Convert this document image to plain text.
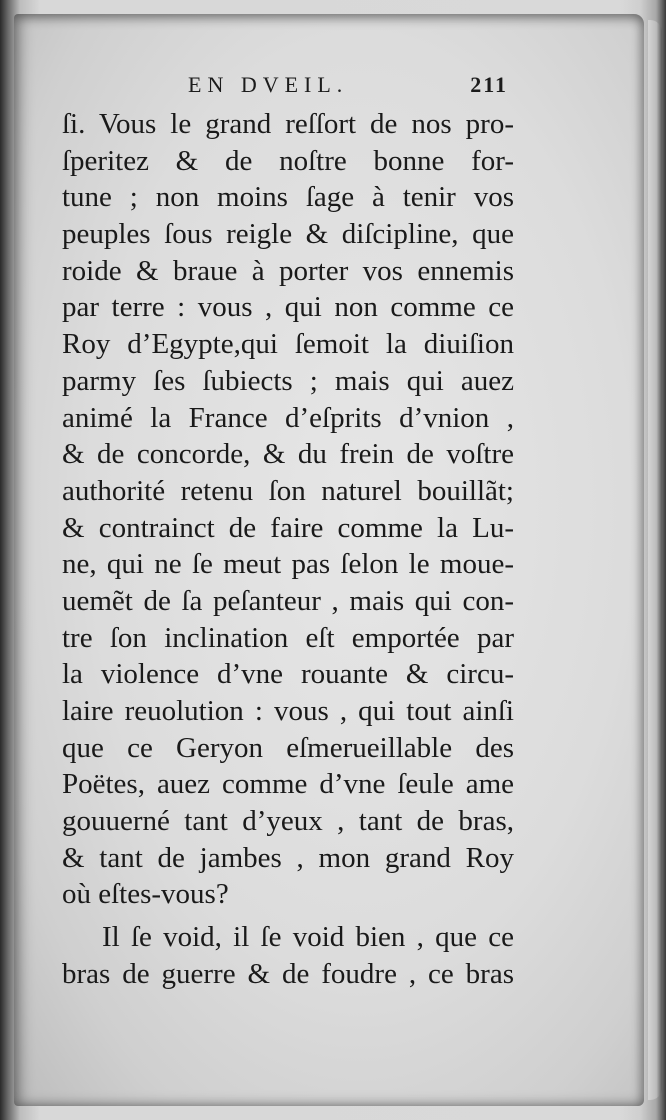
EN DVEIL.	211
ſi. Vous le grand reſſort de nos pro-
ſperitez & de noſtre bonne for-
tune ; non moins ſage à tenir vos
peuples ſous reigle & diſcipline, que
roide & braue à porter vos ennemis
par terre : vous , qui non comme ce
Roy d’Egypte,qui ſemoit la diuiſion
parmy ſes ſubiects ; mais qui auez
animé la France d’eſprits d’vnion ,
& de concorde, & du frein de voſtre
authorité retenu ſon naturel bouillãt;
& contrainct de faire comme la Lu-
ne, qui ne ſe meut pas ſelon le moue-
uemẽt de ſa peſanteur , mais qui con-
tre ſon inclination eſt emportée par
la violence d’vne rouante & circu-
laire reuolution : vous , qui tout ainſi
que ce Geryon eſmerueillable des
Poëtes, auez comme d’vne ſeule ame
gouuerné tant d’yeux , tant de bras,
& tant de jambes , mon grand Roy
où eſtes-vous?
Il ſe void, il ſe void bien , que ce
bras de guerre & de foudre , ce bras
